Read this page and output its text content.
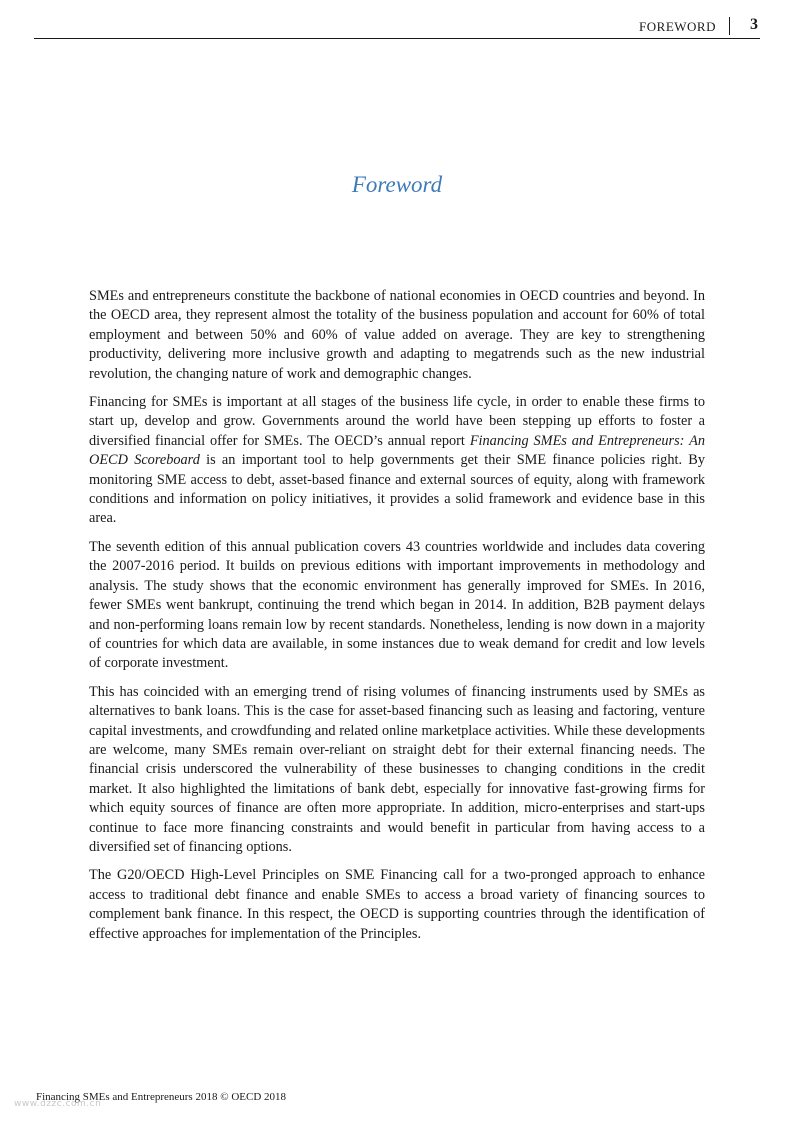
FOREWORD 3
Foreword

SMEs and entrepreneurs constitute the backbone of national economies in OECD countries and beyond. In the OECD area, they represent almost the totality of the business population and account for 60% of total employment and between 50% and 60% of value added on average. They are key to strengthening productivity, delivering more inclusive growth and adapting to megatrends such as the new industrial revolution, the changing nature of work and demographic changes.

Financing for SMEs is important at all stages of the business life cycle, in order to enable these firms to start up, develop and grow. Governments around the world have been stepping up efforts to foster a diversified financial offer for SMEs. The OECD’s annual report Financing SMEs and Entrepreneurs: An OECD Scoreboard is an important tool to help governments get their SME finance policies right. By monitoring SME access to debt, asset-based finance and external sources of equity, along with framework conditions and information on policy initiatives, it provides a solid framework and evidence base in this area.

The seventh edition of this annual publication covers 43 countries worldwide and includes data covering the 2007-2016 period. It builds on previous editions with important improvements in methodology and analysis. The study shows that the economic environment has generally improved for SMEs. In 2016, fewer SMEs went bankrupt, continuing the trend which began in 2014. In addition, B2B payment delays and non-performing loans remain low by recent standards. Nonetheless, lending is now down in a majority of countries for which data are available, in some instances due to weak demand for credit and low levels of corporate investment.

This has coincided with an emerging trend of rising volumes of financing instruments used by SMEs as alternatives to bank loans. This is the case for asset-based financing such as leasing and factoring, venture capital investments, and crowdfunding and related online marketplace activities. While these developments are welcome, many SMEs remain over-reliant on straight debt for their external financing needs. The financial crisis underscored the vulnerability of these businesses to changing conditions in the credit market. It also highlighted the limitations of bank debt, especially for innovative fast-growing firms for which equity sources of finance are often more appropriate. In addition, micro-enterprises and start-ups continue to face more financing constraints and would benefit in particular from having access to a diversified set of financing options.

The G20/OECD High-Level Principles on SME Financing call for a two-pronged approach to enhance access to traditional debt finance and enable SMEs to access a broad variety of financing sources to complement bank finance. In this respect, the OECD is supporting countries through the identification of effective approaches for implementation of the Principles.

Financing SMEs and Entrepreneurs 2018 © OECD 2018
www.dzzc.com.cn
